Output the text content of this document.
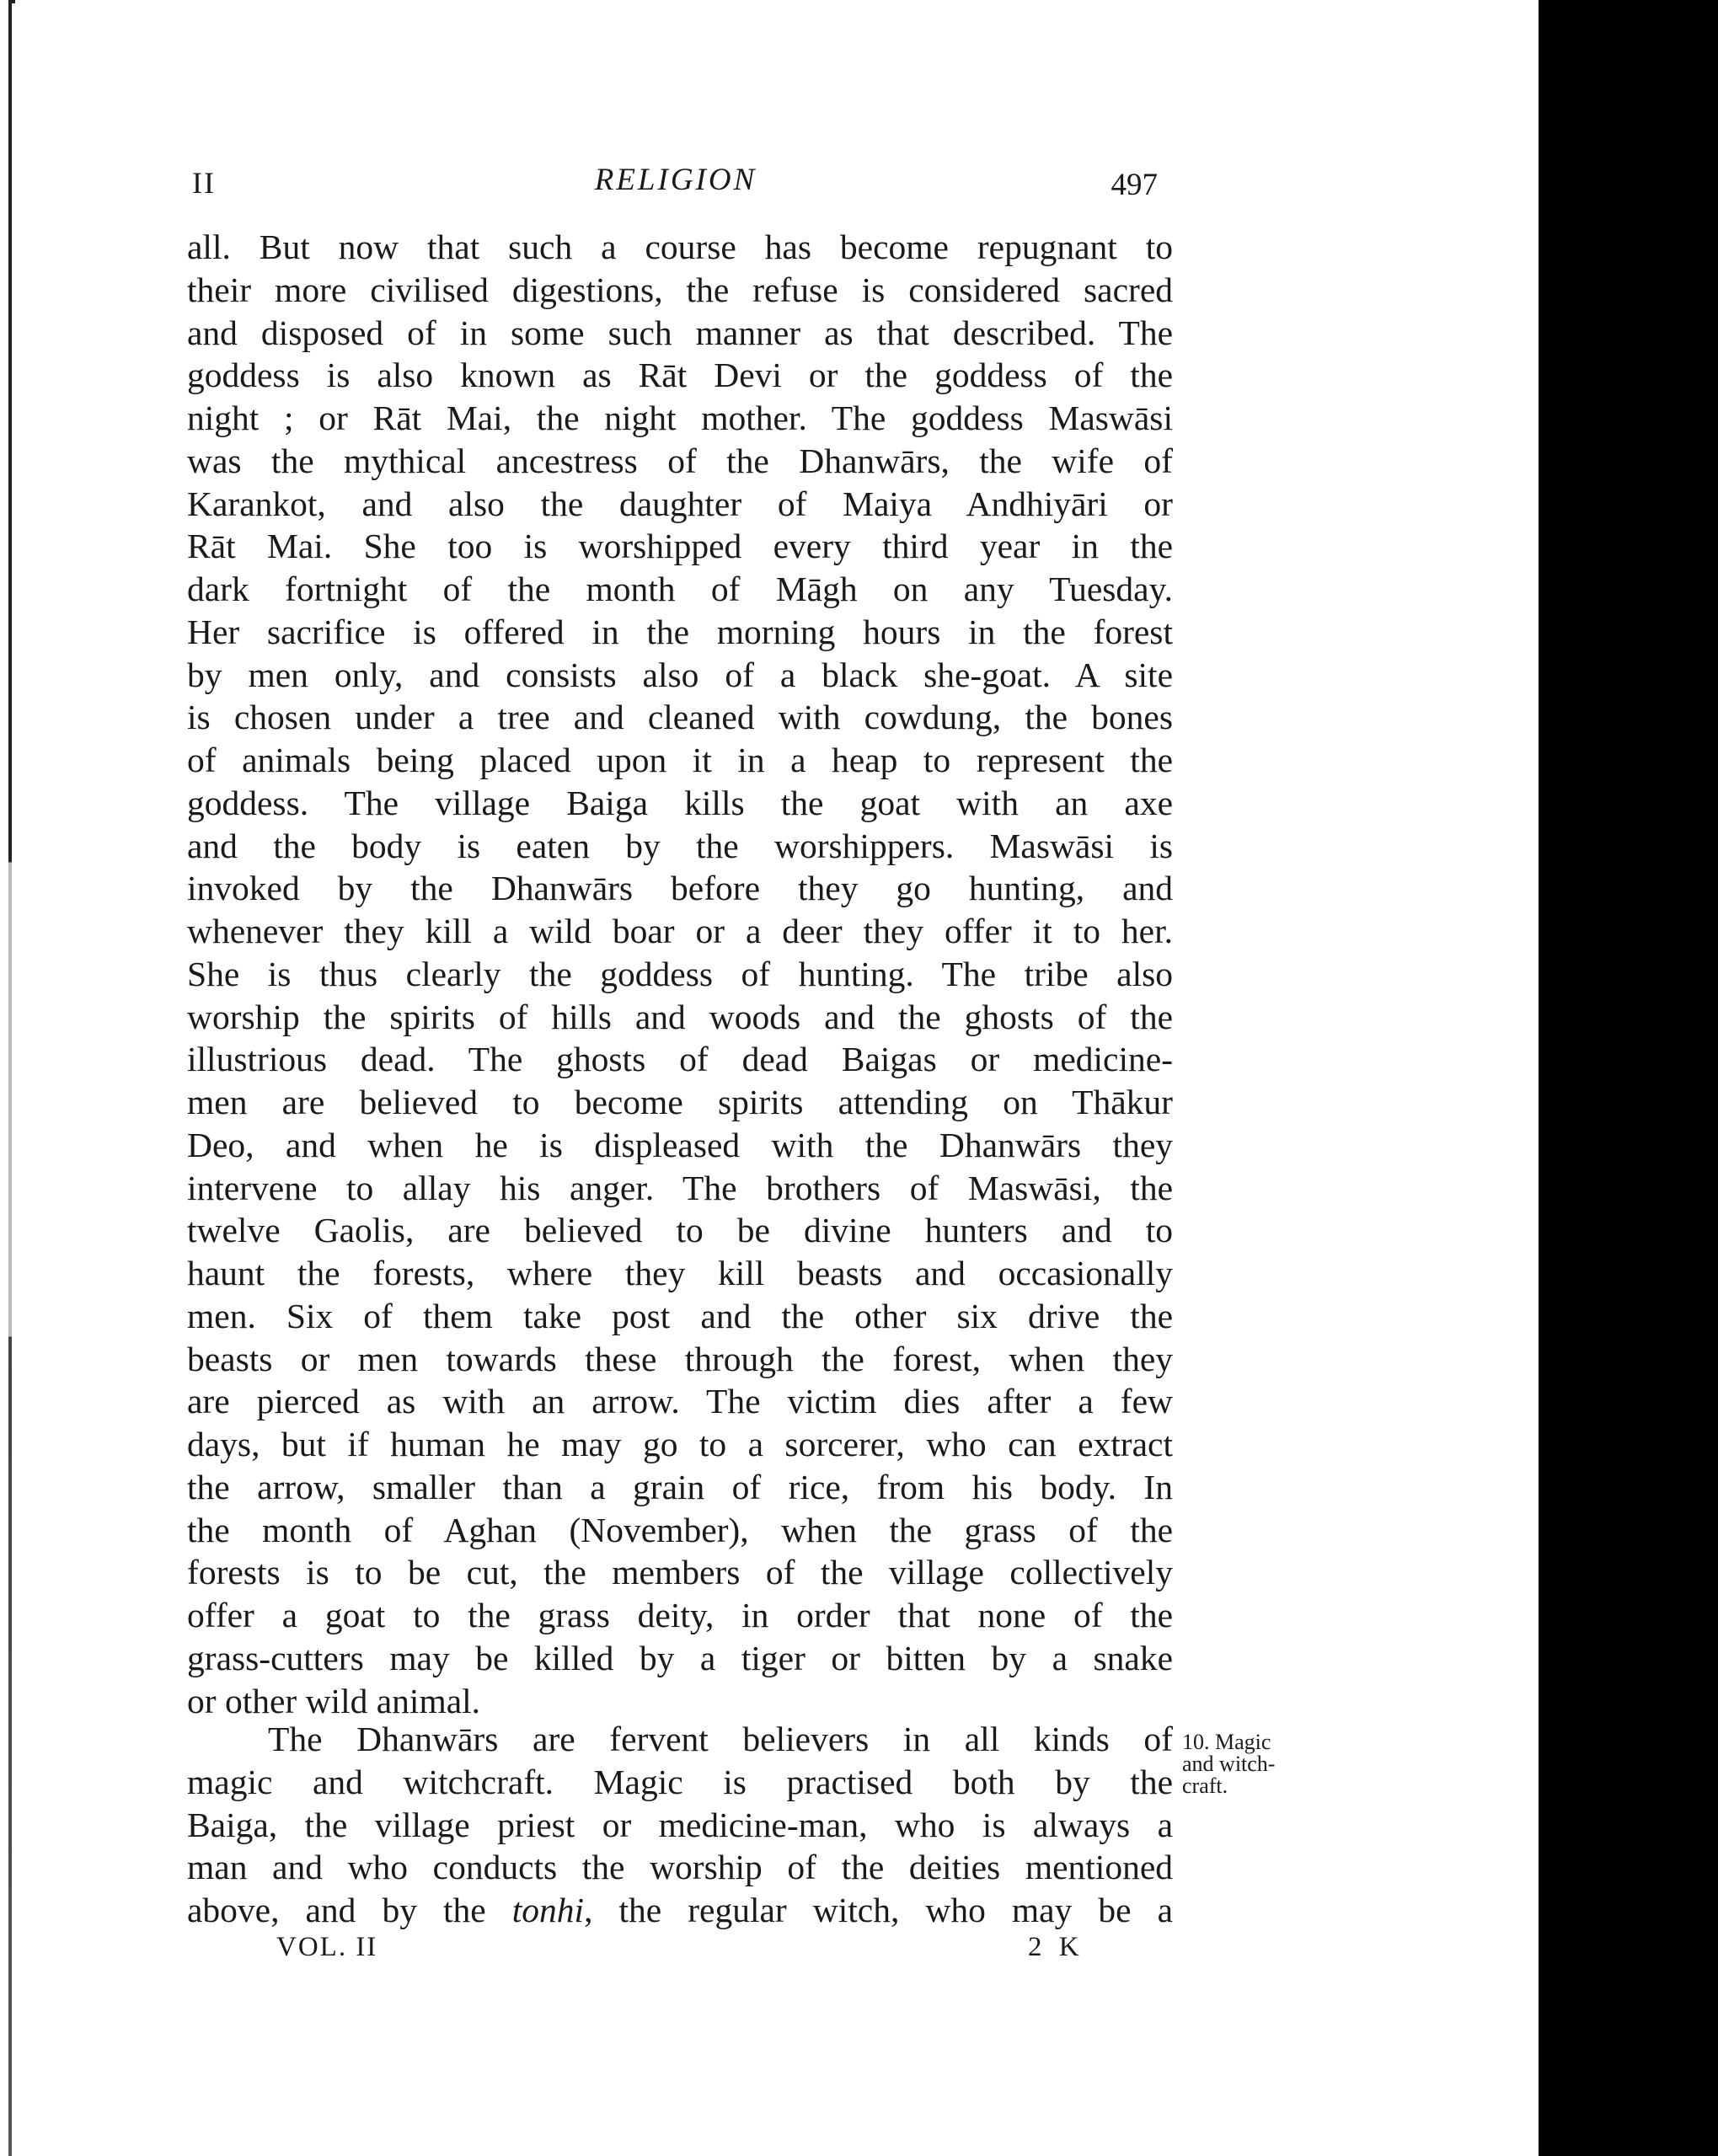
II	RELIGION	497
all. But now that such a course has become repugnant to
their more civilised digestions, the refuse is considered sacred
and disposed of in some such manner as that described. The
goddess is also known as Rāt Devi or the goddess of the
night ; or Rāt Mai, the night mother. The goddess Maswāsi
was the mythical ancestress of the Dhanwārs, the wife of
Karankot, and also the daughter of Maiya Andhiyāri or
Rāt Mai. She too is worshipped every third year in the
dark fortnight of the month of Māgh on any Tuesday.
Her sacrifice is offered in the morning hours in the forest
by men only, and consists also of a black she-goat. A site
is chosen under a tree and cleaned with cowdung, the bones
of animals being placed upon it in a heap to represent the
goddess. The village Baiga kills the goat with an axe
and the body is eaten by the worshippers. Maswāsi is
invoked by the Dhanwārs before they go hunting, and
whenever they kill a wild boar or a deer they offer it to her.
She is thus clearly the goddess of hunting. The tribe also
worship the spirits of hills and woods and the ghosts of the
illustrious dead. The ghosts of dead Baigas or medicine-
men are believed to become spirits attending on Thākur
Deo, and when he is displeased with the Dhanwārs they
intervene to allay his anger. The brothers of Maswāsi, the
twelve Gaolis, are believed to be divine hunters and to
haunt the forests, where they kill beasts and occasionally
men. Six of them take post and the other six drive the
beasts or men towards these through the forest, when they
are pierced as with an arrow. The victim dies after a few
days, but if human he may go to a sorcerer, who can extract
the arrow, smaller than a grain of rice, from his body. In
the month of Aghan (November), when the grass of the
forests is to be cut, the members of the village collectively
offer a goat to the grass deity, in order that none of the
grass-cutters may be killed by a tiger or bitten by a snake
or other wild animal.
The Dhanwārs are fervent believers in all kinds of
magic and witchcraft. Magic is practised both by the
Baiga, the village priest or medicine-man, who is always a
man and who conducts the worship of the deities mentioned
above, and by the tonhi, the regular witch, who may be a
10. Magic
and witch-
craft.
VOL. II	2 K
